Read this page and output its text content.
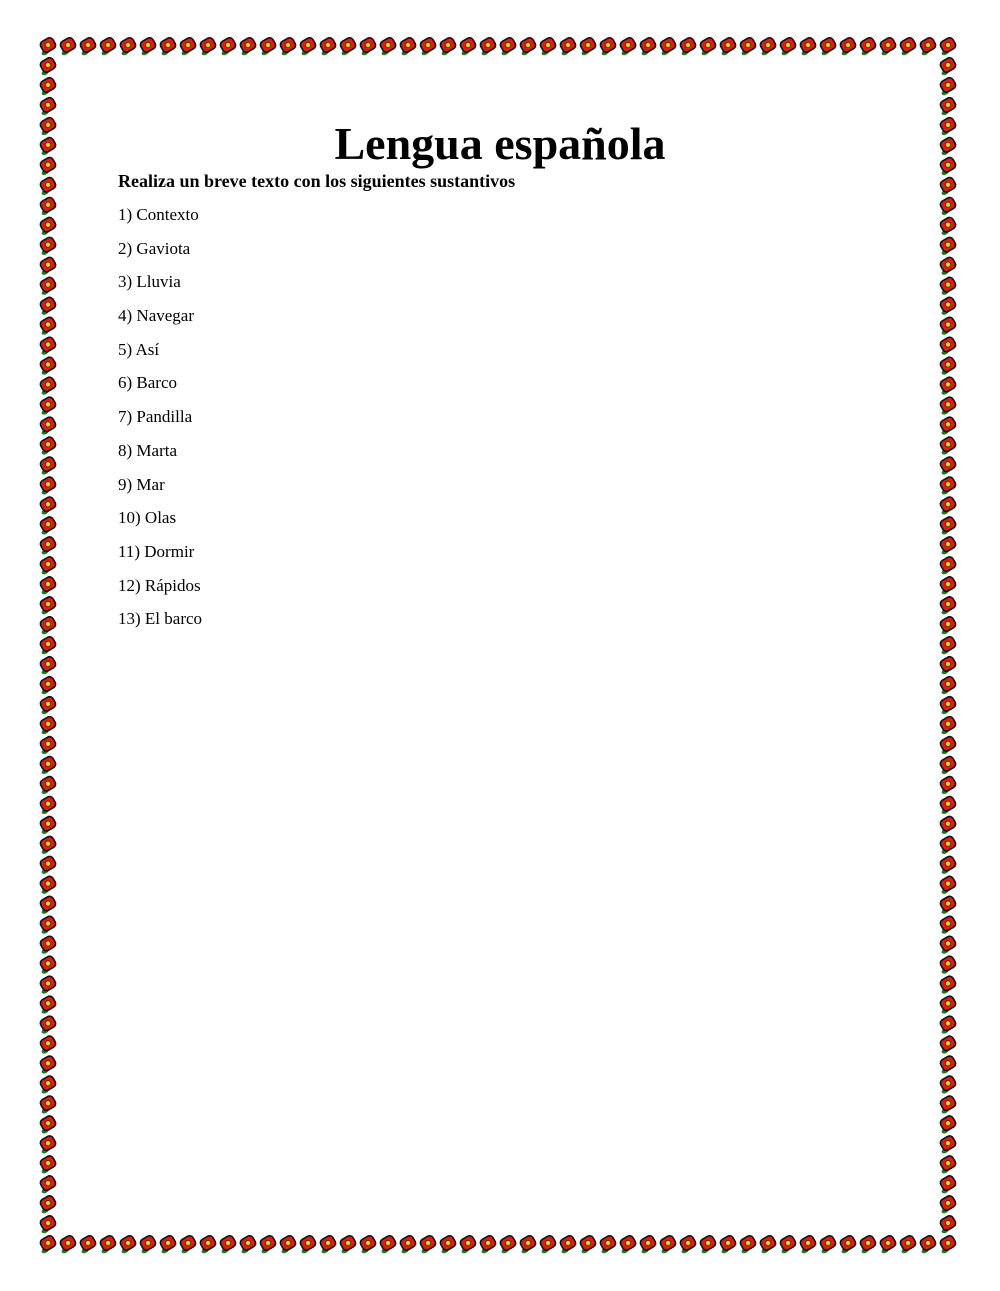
Lengua española

Realiza un breve texto con los siguientes sustantivos

1) Contexto
2) Gaviota
3) Lluvia
4) Navegar
5) Así
6) Barco
7) Pandilla
8) Marta
9) Mar
10) Olas
11) Dormir
12) Rápidos
13) El barco
